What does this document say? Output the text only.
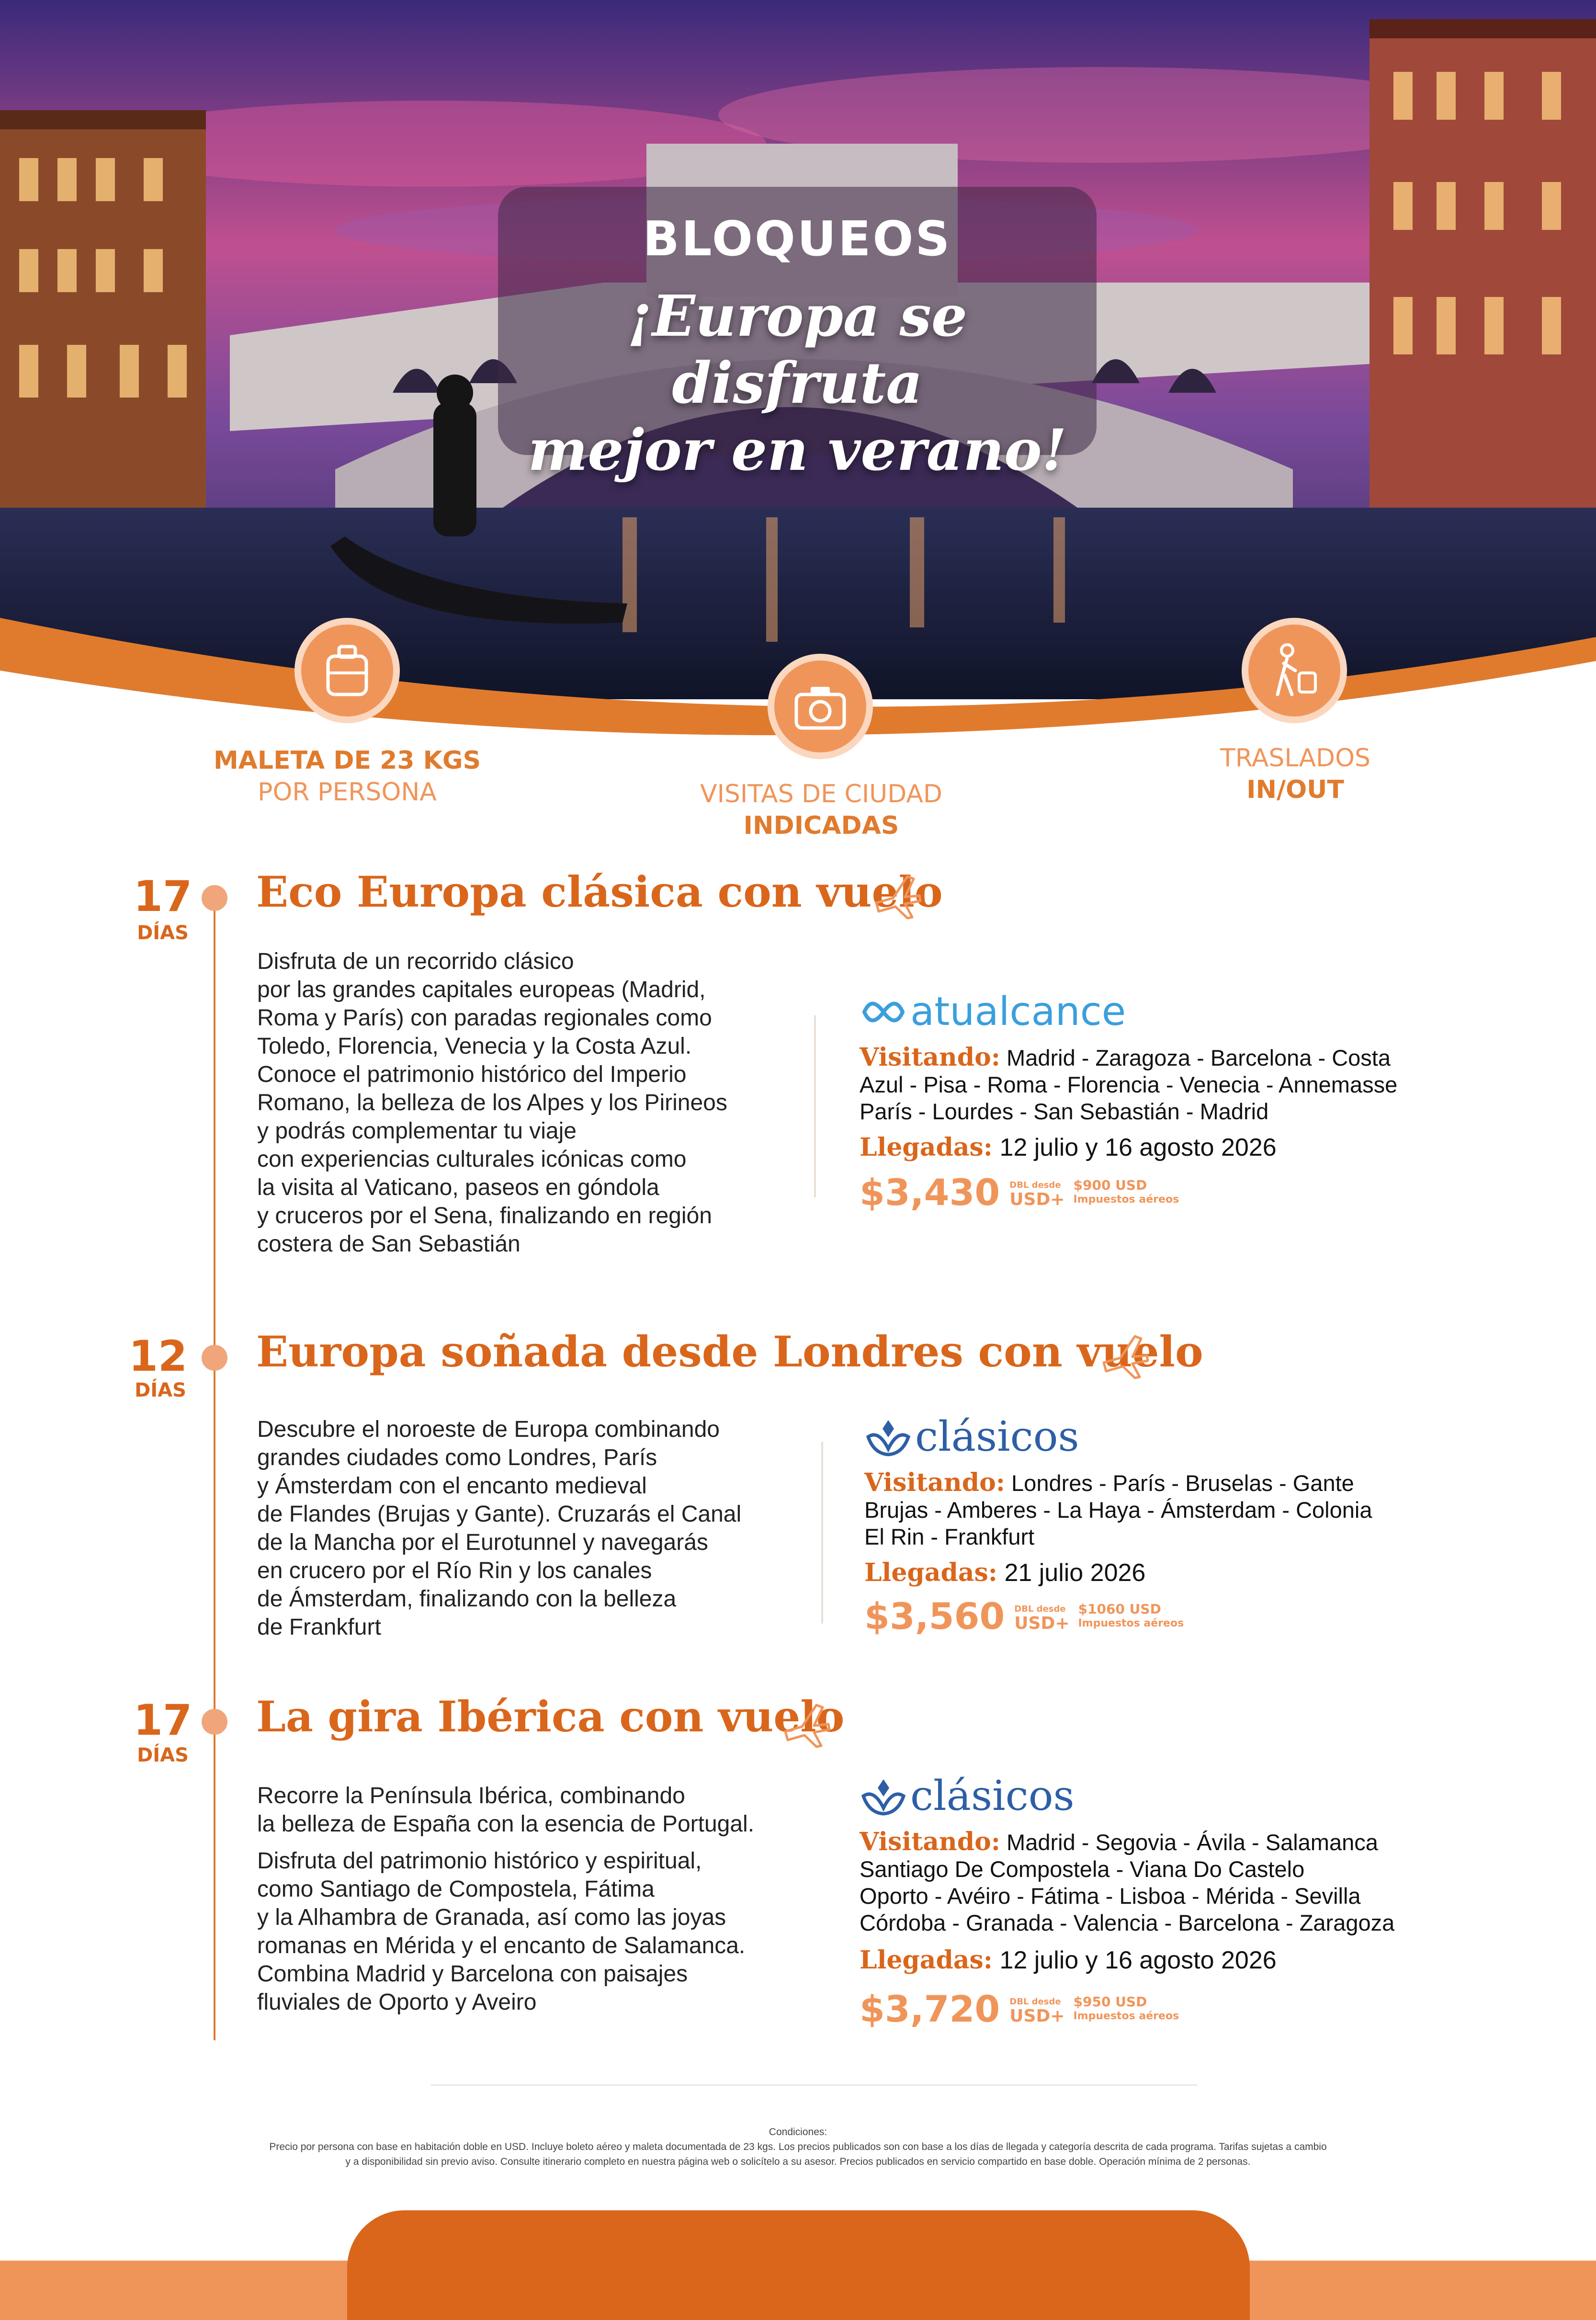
BLOQUEOS
¡Europa se disfruta
mejor en verano!
MALETA DE 23 KGS
POR PERSONA	VISITAS DE CIUDAD
INDICADAS
TRASLADOS
IN/OUT
17
DÍAS
Eco Europa clásica con vuelo
Disfruta de un recorrido clásico
por las grandes capitales europeas (Madrid,
Roma y París) con paradas regionales como
Toledo, Florencia, Venecia y la Costa Azul.
Conoce el patrimonio histórico del Imperio
Romano, la belleza de los Alpes y los Pirineos
y podrás complementar tu viaje
con experiencias culturales icónicas como
la visita al Vaticano, paseos en góndola
y cruceros por el Sena, finalizando en región
costera de San Sebastián
atualcance
Visitando: Madrid - Zaragoza - Barcelona - Costa
Azul - Pisa - Roma - Florencia - Venecia - Annemasse
París - Lourdes - San Sebastián - Madrid
Llegadas: 12 julio y 16 agosto 2026
$3,430 DBL desde
USD+
$900 USD
Impuestos aéreos
12
DÍAS
Europa soñada desde Londres con vuelo
Descubre el noroeste de Europa combinando
grandes ciudades como Londres, París
y Ámsterdam con el encanto medieval
de Flandes (Brujas y Gante). Cruzarás el Canal
de la Mancha por el Eurotunnel y navegarás
en crucero por el Río Rin y los canales
de Ámsterdam, finalizando con la belleza
de Frankfurt
clásicos
Visitando: Londres - París - Bruselas - Gante
Brujas - Amberes - La Haya - Ámsterdam - Colonia
El Rin - Frankfurt
Llegadas: 21 julio 2026
$3,560 DBL desde
USD+
$1060 USD
Impuestos aéreos
17
DÍAS
La gira Ibérica con vuelo

Recorre la Península Ibérica, combinando
la belleza de España con la esencia de Portugal.

Disfruta del patrimonio histórico y espiritual,
como Santiago de Compostela, Fátima
y la Alhambra de Granada, así como las joyas
romanas en Mérida y el encanto de Salamanca.
Combina Madrid y Barcelona con paisajes
fluviales de Oporto y Aveiro

clásicos
Visitando: Madrid - Segovia - Ávila - Salamanca
Santiago De Compostela - Viana Do Castelo
Oporto - Avéiro - Fátima - Lisboa - Mérida - Sevilla
Córdoba - Granada - Valencia - Barcelona - Zaragoza
Llegadas: 12 julio y 16 agosto 2026
$3,720 DBL desde
USD+
$950 USD
Impuestos aéreos
Condiciones:
Precio por persona con base en habitación doble en USD. Incluye boleto aéreo y maleta documentada de 23 kgs. Los precios publicados son con base a los días de llegada y categoría descrita de cada programa. Tarifas sujetas a cambio
y a disponibilidad sin previo aviso. Consulte itinerario completo en nuestra página web o solicítelo a su asesor. Precios publicados en servicio compartido en base doble. Operación mínima de 2 personas.
